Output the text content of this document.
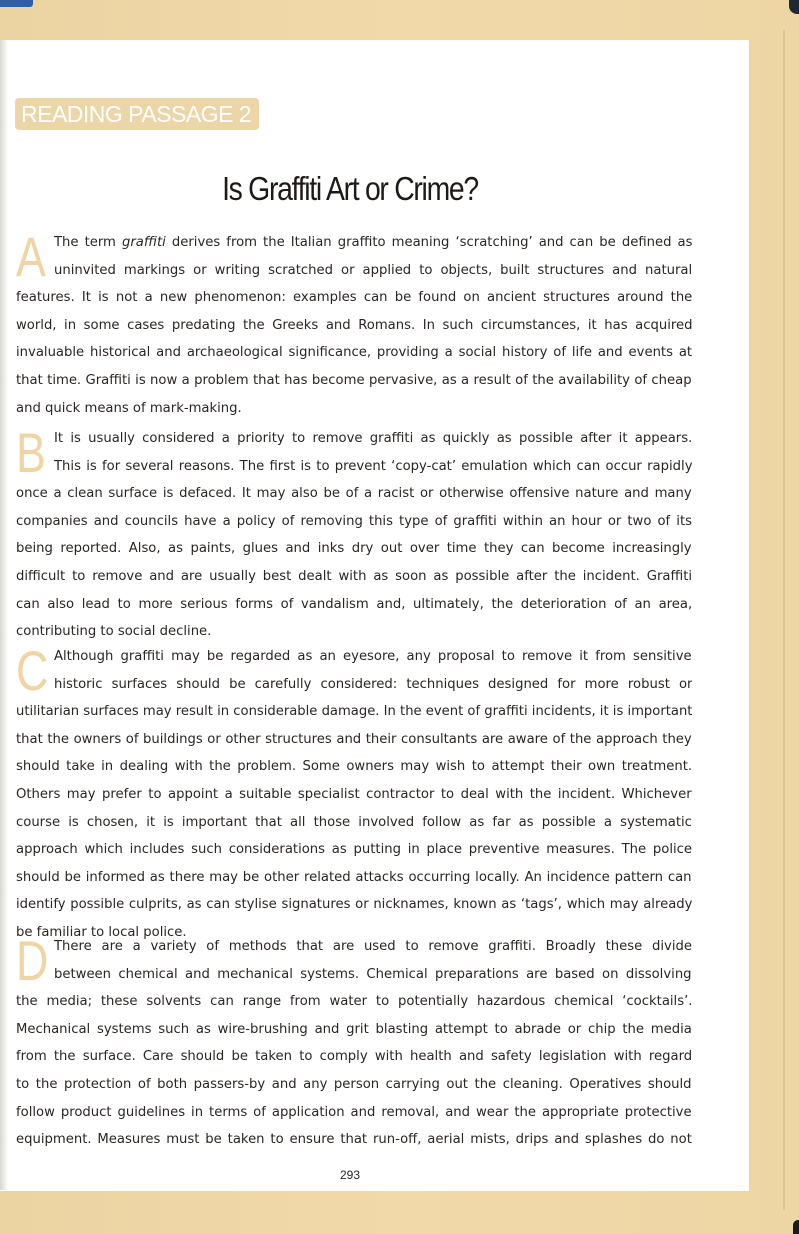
READING PASSAGE 2
Is Graffiti Art or Crime?
A The term graffiti derives from the Italian graffito meaning ‘scratching’ and can be defined as
uninvited markings or writing scratched or applied to objects, built structures and natural
features. It is not a new phenomenon: examples can be found on ancient structures around the
world, in some cases predating the Greeks and Romans. In such circumstances, it has acquired
invaluable historical and archaeological significance, providing a social history of life and events at
that time. Graffiti is now a problem that has become pervasive, as a result of the availability of cheap
and quick means of mark-making.
B It is usually considered a priority to remove graffiti as quickly as possible after it appears.
This is for several reasons. The first is to prevent ‘copy-cat’ emulation which can occur rapidly
once a clean surface is defaced. It may also be of a racist or otherwise offensive nature and many
companies and councils have a policy of removing this type of graffiti within an hour or two of its
being reported. Also, as paints, glues and inks dry out over time they can become increasingly
difficult to remove and are usually best dealt with as soon as possible after the incident. Graffiti
can also lead to more serious forms of vandalism and, ultimately, the deterioration of an area,
contributing to social decline.
C Although graffiti may be regarded as an eyesore, any proposal to remove it from sensitive
historic surfaces should be carefully considered: techniques designed for more robust or
utilitarian surfaces may result in considerable damage. In the event of graffiti incidents, it is important
that the owners of buildings or other structures and their consultants are aware of the approach they
should take in dealing with the problem. Some owners may wish to attempt their own treatment.
Others may prefer to appoint a suitable specialist contractor to deal with the incident. Whichever
course is chosen, it is important that all those involved follow as far as possible a systematic
approach which includes such considerations as putting in place preventive measures. The police
should be informed as there may be other related attacks occurring locally. An incidence pattern can
identify possible culprits, as can stylise signatures or nicknames, known as ‘tags’, which may already
be familiar to local police.
D There are a variety of methods that are used to remove graffiti. Broadly these divide
between chemical and mechanical systems. Chemical preparations are based on dissolving
the media; these solvents can range from water to potentially hazardous chemical ‘cocktails’.
Mechanical systems such as wire-brushing and grit blasting attempt to abrade or chip the media
from the surface. Care should be taken to comply with health and safety legislation with regard
to the protection of both passers-by and any person carrying out the cleaning. Operatives should
follow product guidelines in terms of application and removal, and wear the appropriate protective
equipment. Measures must be taken to ensure that run-off, aerial mists, drips and splashes do not
293
